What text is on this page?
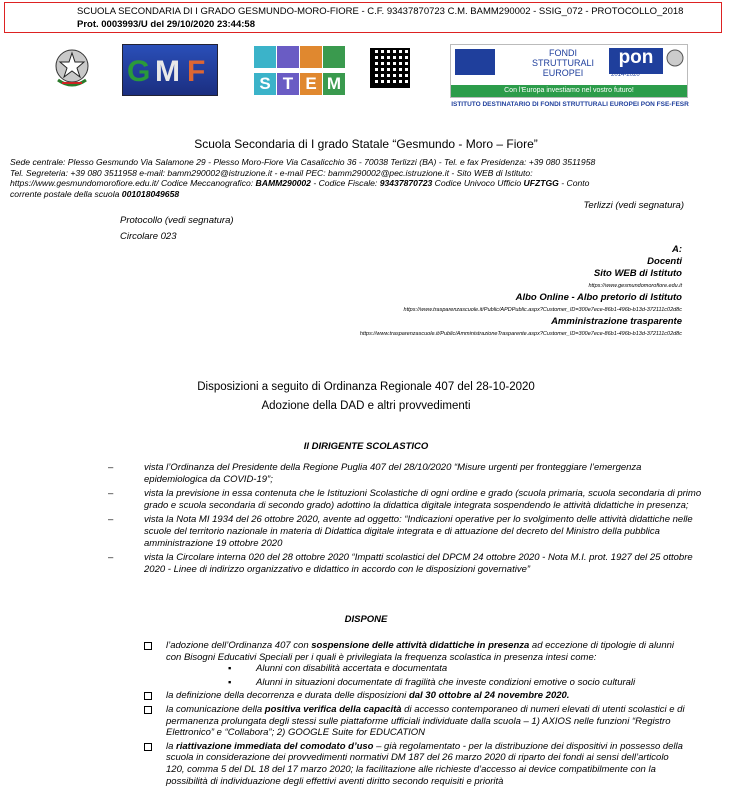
SCUOLA SECONDARIA DI I GRADO GESMUNDO-MORO-FIORE - C.F. 93437870723 C.M. BAMM290002 - SSIG_072 - PROTOCOLLO_2018
Prot. 0003993/U del 29/10/2020 23:44:58
G M F	S T E M
FONDI STRUTTURALI EUROPEI
pon
2014-2020
Con l'Europa investiamo nel vostro futuro!
ISTITUTO DESTINATARIO DI FONDI STRUTTURALI EUROPEI PON FSE-FESR
Scuola Secondaria di I grado Statale “Gesmundo - Moro – Fiore”
Sede centrale: Plesso Gesmundo Via Salamone 29 - Plesso Moro-Fiore Via Casalicchio 36 - 70038 Terlizzi (BA) - Tel. e fax Presidenza: +39 080 3511958
Tel. Segreteria: +39 080 3511958 e-mail: bamm290002@istruzione.it - e-mail PEC: bamm290002@pec.istruzione.it - Sito WEB di Istituto:
https://www.gesmundomorofiore.edu.it/ Codice Meccanografico: BAMM290002 - Codice Fiscale: 93437870723 Codice Univoco Ufficio UFZTGG - Conto
corrente postale della scuola 001018049658
Terlizzi (vedi segnatura)
Protocollo (vedi segnatura)
Circolare 023
A:
Docenti
Sito WEB di Istituto
https://www.gesmundomorofiore.edu.it
Albo Online - Albo pretorio di Istituto
https://www.trasparenzascuole.it/Public/APDPublic.aspx?Customer_ID=300e7ece-86b1-496b-b13d-372111c02d8c
Amministrazione trasparente
https://www.trasparenzascuole.it/Public/AmministrazioneTrasparente.aspx?Customer_ID=300e7ece-86b1-496b-b13d-372111c02d8c
Disposizioni a seguito di Ordinanza Regionale 407 del 28-10-2020
Adozione della DAD e altri provvedimenti
Il DIRIGENTE SCOLASTICO
– vista l’Ordinanza del Presidente della Regione Puglia 407 del 28/10/2020 “Misure urgenti per fronteggiare l’emergenza epidemiologica da COVID-19”;
– vista la previsione in essa contenuta che le Istituzioni Scolastiche di ogni ordine e grado (scuola primaria, scuola secondaria di primo grado e scuola secondaria di secondo grado) adottino la didattica digitale integrata sospendendo le attività didattiche in presenza;
– vista la Nota MI 1934 del 26 ottobre 2020, avente ad oggetto: “Indicazioni operative per lo svolgimento delle attività didattiche nelle scuole del territorio nazionale in materia di Didattica digitale integrata e di attuazione del decreto del Ministro della pubblica amministrazione 19 ottobre 2020
– vista la Circolare interna 020 del 28 ottobre 2020 “Impatti scolastici del DPCM 24 ottobre 2020 - Nota M.I. prot. 1927 del 25 ottobre 2020 - Linee di indirizzo organizzativo e didattico in accordo con le disposizioni governative”
DISPONE
l’adozione dell’Ordinanza 407 con sospensione delle attività didattiche in presenza ad eccezione di tipologie di alunni con Bisogni Educativi Speciali per i quali è privilegiata la frequenza scolastica in presenza intesi come:
▪ Alunni con disabilità accertata e documentata
▪ Alunni in situazioni documentate di fragilità che investe condizioni emotive o socio culturali
la definizione della decorrenza e durata delle disposizioni dal 30 ottobre al 24 novembre 2020.
la comunicazione della positiva verifica della capacità di accesso contemporaneo di numeri elevati di utenti scolastici e di permanenza prolungata degli stessi sulle piattaforme ufficiali individuate dalla scuola – 1) AXIOS nelle funzioni “Registro Elettronico” e “Collabora”; 2) GOOGLE Suite for EDUCATION
la riattivazione immediata del comodato d’uso – già regolamentato - per la distribuzione dei dispositivi in possesso della scuola in considerazione dei provvedimenti normativi DM 187 del 26 marzo 2020 di riparto dei fondi ai sensi dell’articolo 120, comma 5 del DL 18 del 17 marzo 2020; la facilitazione alle richieste d’accesso ai device compatibilmente con la possibilità di individuazione degli effettivi aventi diritto secondo requisiti e priorità
